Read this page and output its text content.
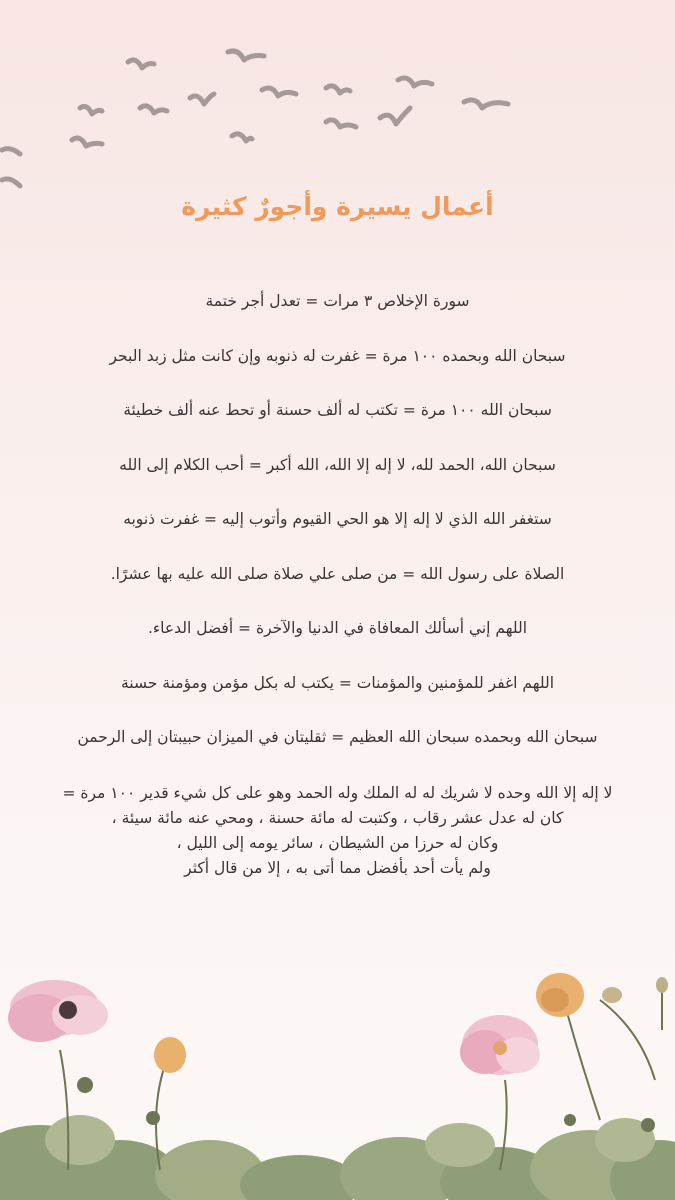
أعمال يسيرة وأجورٌ كثيرة
سورة الإخلاص ٣ مرات = تعدل أجر ختمة
سبحان الله وبحمده ١٠٠ مرة = غفرت له ذنوبه وإن كانت مثل زبد البحر
سبحان الله ١٠٠ مرة = تكتب له ألف حسنة أو تحط عنه ألف خطيئة
سبحان الله، الحمد لله، لا إله إلا الله، الله أكبر = أحب الكلام إلى الله
ستغفر الله الذي لا إله إلا هو الحي القيوم وأتوب إليه = غفرت ذنوبه
الصلاة على رسول الله = من صلى علي صلاة صلى الله عليه بها عشرًا.
اللهم إني أسألك المعافاة في الدنيا والآخرة = أفضل الدعاء.
اللهم اغفر للمؤمنين والمؤمنات = يكتب له بكل مؤمن ومؤمنة حسنة
سبحان الله وبحمده سبحان الله العظيم = ثقليتان في الميزان حبيبتان إلى الرحمن
لا إله إلا الله وحده لا شريك له له الملك وله الحمد وهو على كل شيء قدير ١٠٠ مرة =
كان له عدل عشر رقاب ، وكتبت له مائة حسنة ، ومحي عنه مائة سيئة ،
وكان له حرزا من الشيطان ، سائر يومه إلى الليل ،
ولم يأت أحد بأفضل مما أتى به ، إلا من قال أكثر
